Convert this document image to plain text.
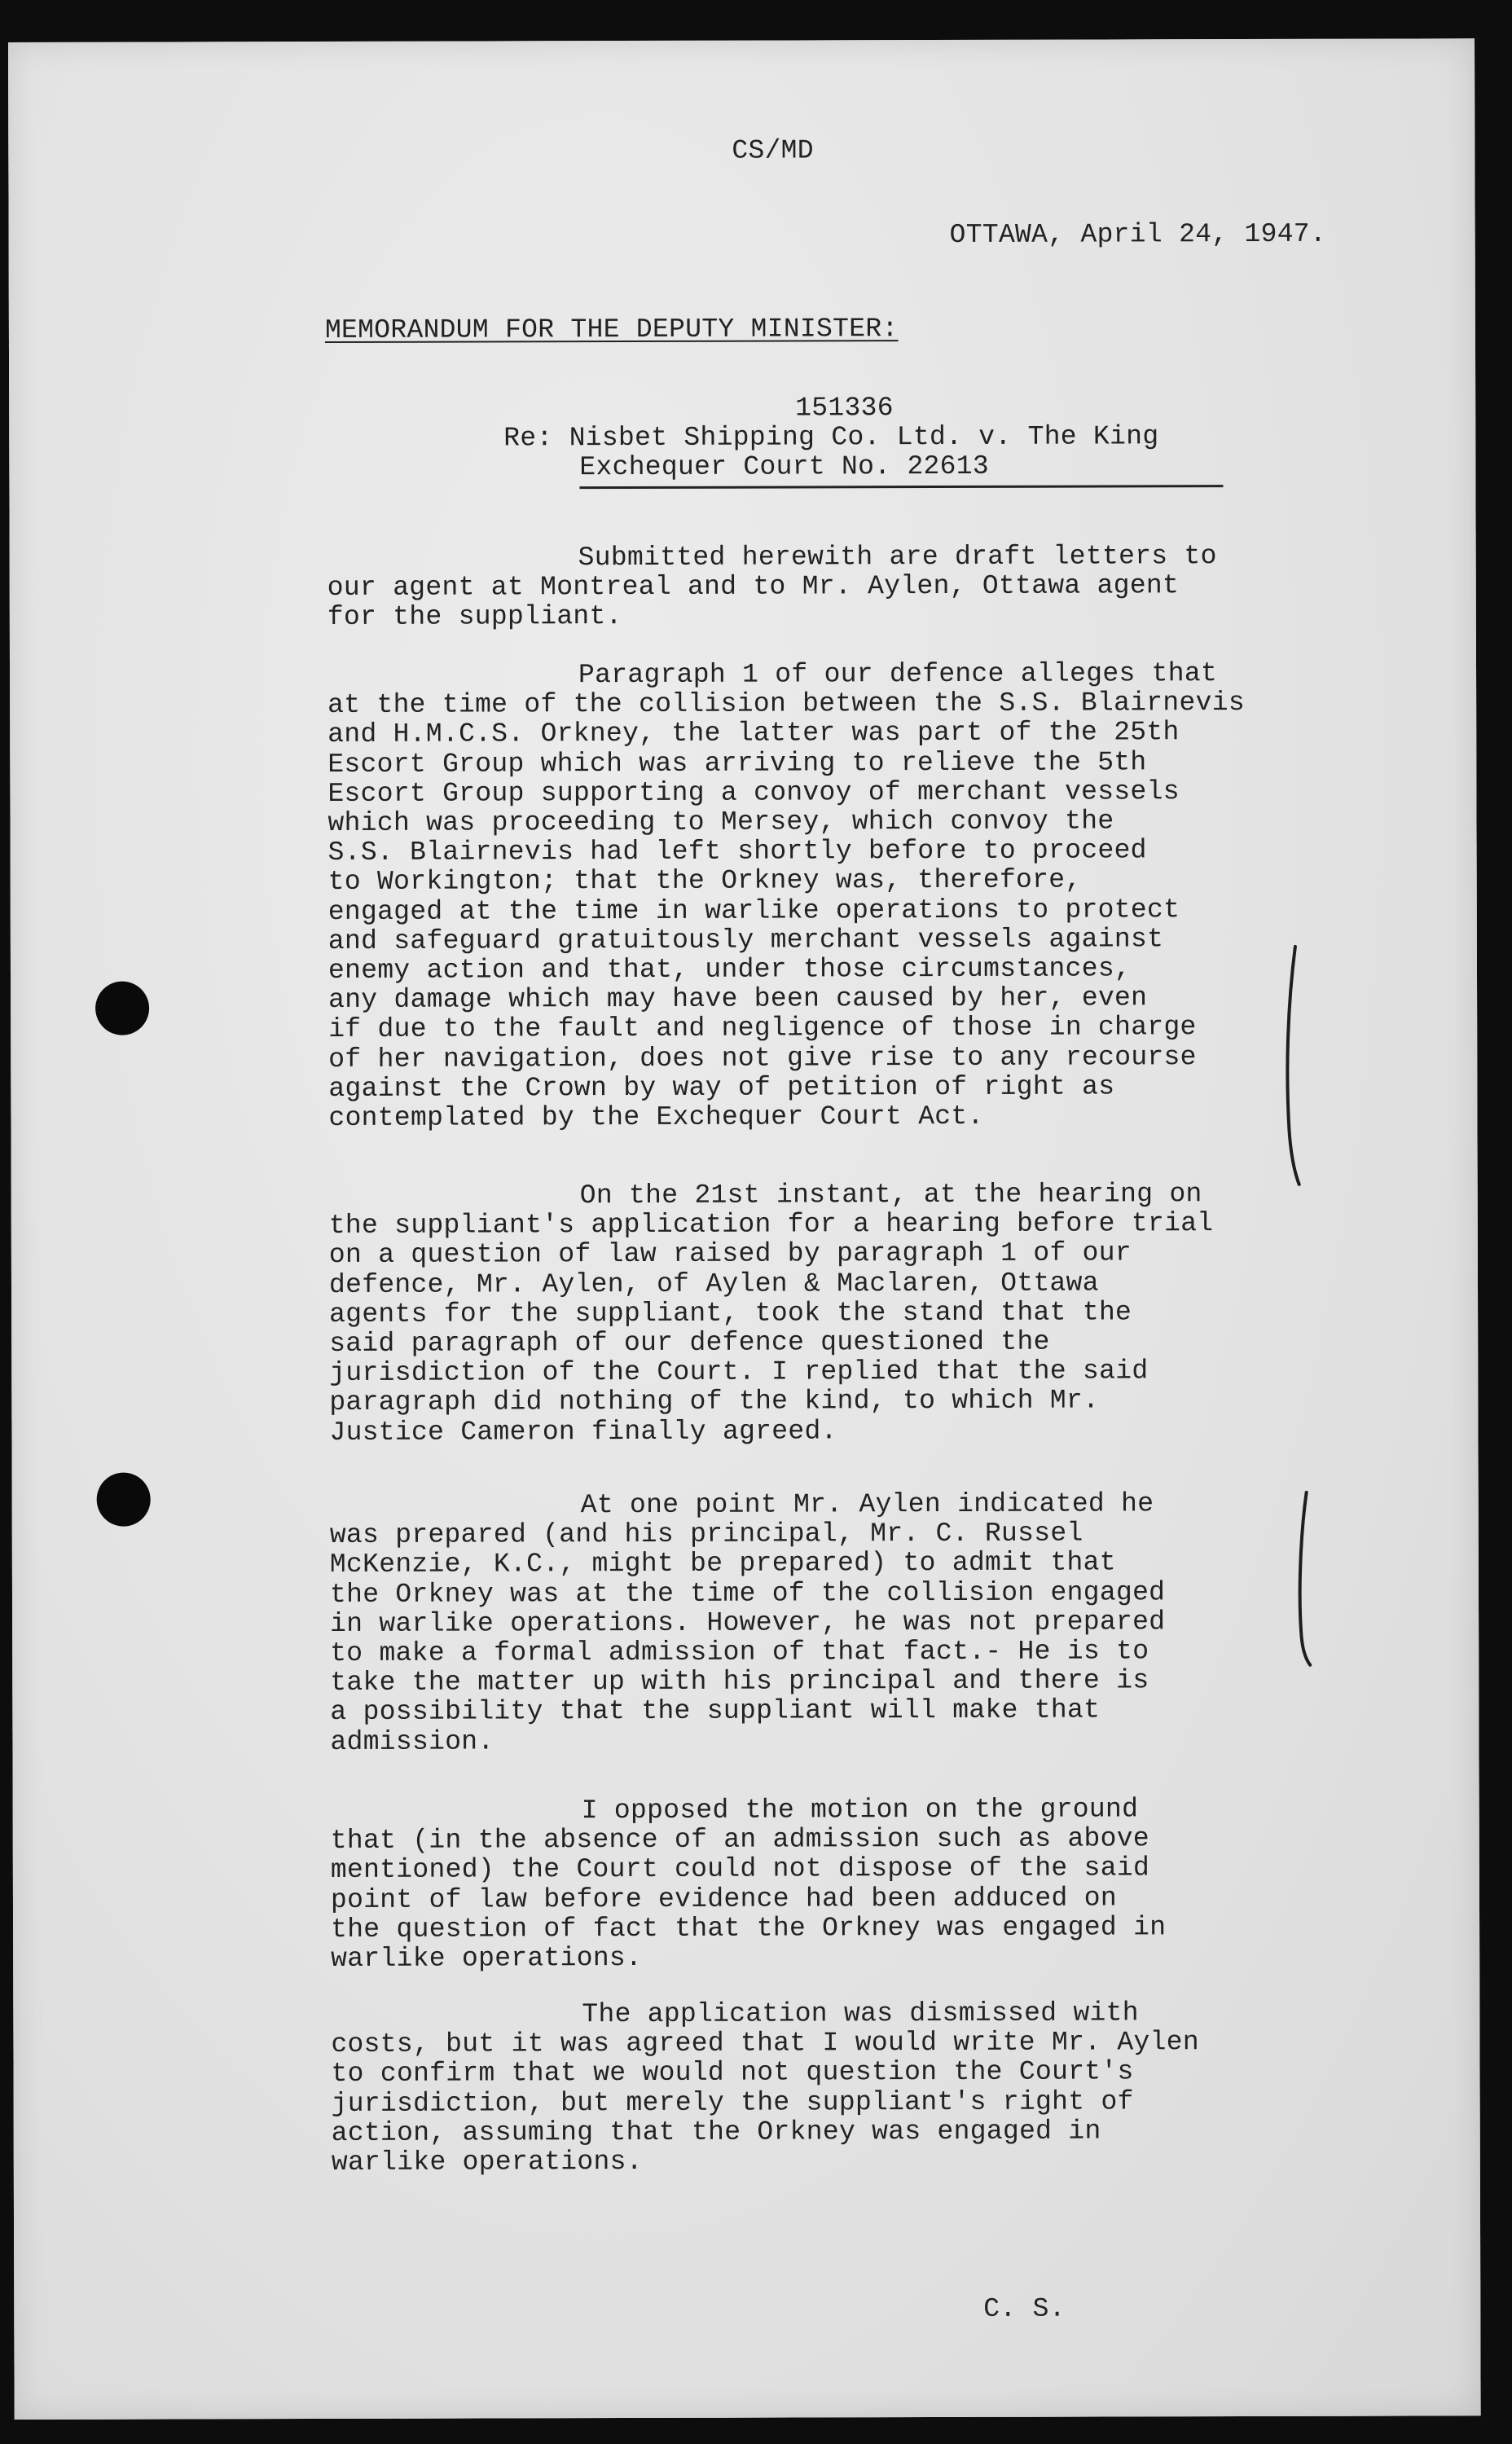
CS/MD
OTTAWA, April 24, 1947.
MEMORANDUM FOR THE DEPUTY MINISTER:
151336
Re: Nisbet Shipping Co. Ltd. v. The King
Exchequer Court No. 22613
Submitted herewith are draft letters to
our agent at Montreal and to Mr. Aylen, Ottawa agent
for the suppliant.
Paragraph 1 of our defence alleges that
at the time of the collision between the S.S. Blairnevis
and H.M.C.S. Orkney, the latter was part of the 25th
Escort Group which was arriving to relieve the 5th
Escort Group supporting a convoy of merchant vessels
which was proceeding to Mersey, which convoy the
S.S. Blairnevis had left shortly before to proceed
to Workington; that the Orkney was, therefore,
engaged at the time in warlike operations to protect
and safeguard gratuitously merchant vessels against
enemy action and that, under those circumstances,
any damage which may have been caused by her, even
if due to the fault and negligence of those in charge
of her navigation, does not give rise to any recourse
against the Crown by way of petition of right as
contemplated by the Exchequer Court Act.
On the 21st instant, at the hearing on
the suppliant's application for a hearing before trial
on a question of law raised by paragraph 1 of our
defence, Mr. Aylen, of Aylen & Maclaren, Ottawa
agents for the suppliant, took the stand that the
said paragraph of our defence questioned the
jurisdiction of the Court. I replied that the said
paragraph did nothing of the kind, to which Mr.
Justice Cameron finally agreed.
At one point Mr. Aylen indicated he
was prepared (and his principal, Mr. C. Russel
McKenzie, K.C., might be prepared) to admit that
the Orkney was at the time of the collision engaged
in warlike operations. However, he was not prepared
to make a formal admission of that fact.- He is to
take the matter up with his principal and there is
a possibility that the suppliant will make that
admission.
I opposed the motion on the ground
that (in the absence of an admission such as above
mentioned) the Court could not dispose of the said
point of law before evidence had been adduced on
the question of fact that the Orkney was engaged in
warlike operations.
The application was dismissed with
costs, but it was agreed that I would write Mr. Aylen
to confirm that we would not question the Court's
jurisdiction, but merely the suppliant's right of
action, assuming that the Orkney was engaged in
warlike operations.
C. S.
